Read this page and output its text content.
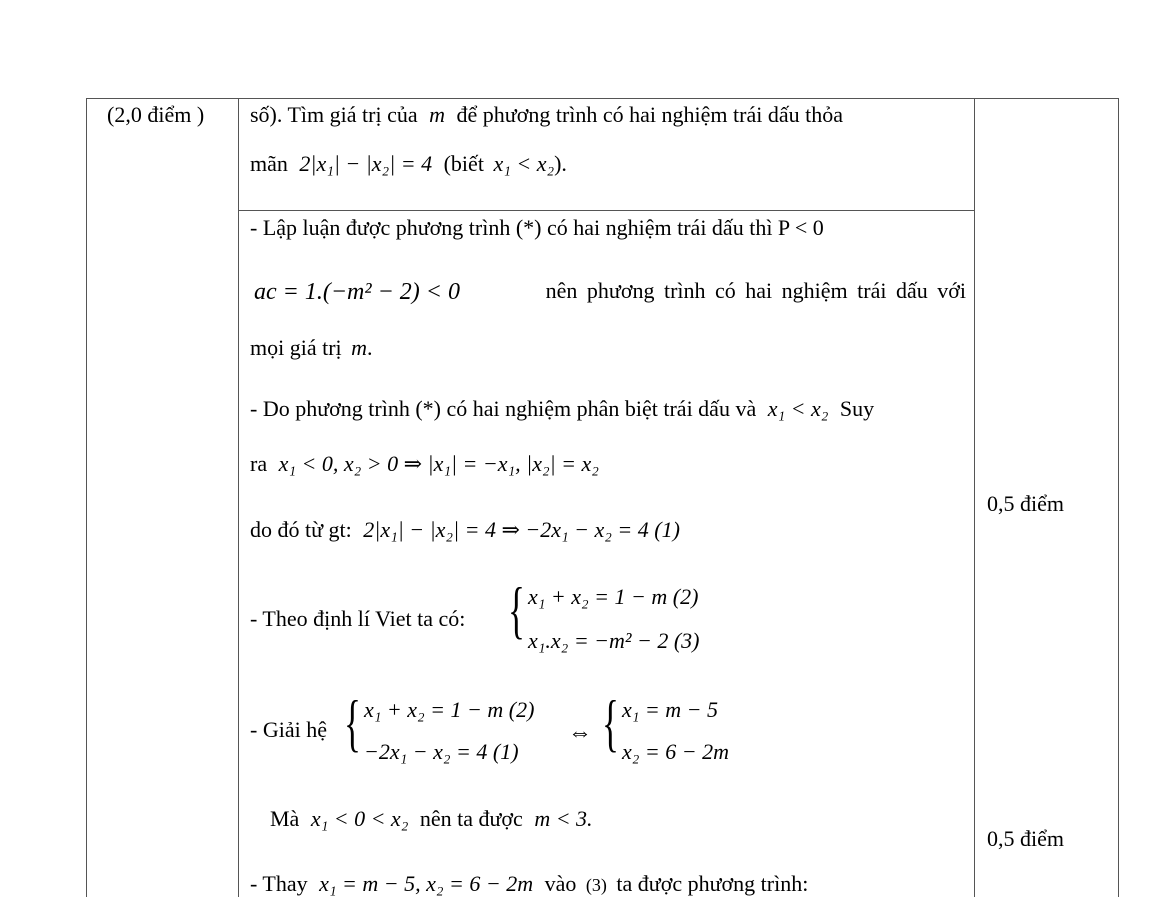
(2,0 điểm )
0,5 điểm
0,5 điểm
số). Tìm giá trị của m để phương trình có hai nghiệm trái dấu thỏa
mãn 2|x₁| − |x₂| = 4 (biết x₁ < x₂).
- Lập luận được phương trình (*) có hai nghiệm trái dấu thì P < 0
ac = 1.(−m² − 2) < 0	nên phương trình có hai nghiệm trái dấu với
mọi giá trị m.
- Do phương trình (*) có hai nghiệm phân biệt trái dấu và x₁ < x₂ Suy
ra x₁ < 0, x₂ > 0 ⇒ |x₁| = −x₁, |x₂| = x₂
do đó từ gt: 2|x₁| − |x₂| = 4 ⇒ −2x₁ − x₂ = 4 (1)
- Theo định lí Viet ta có: { x₁ + x₂ = 1 − m (2)
x₁.x₂ = −m² − 2 (3)
- Giải hệ { x₁ + x₂ = 1 − m (2)
−2x₁ − x₂ = 4 (1)
⇔ { x₁ = m − 5
x₂ = 6 − 2m
Mà x₁ < 0 < x₂ nên ta được m < 3.
- Thay x₁ = m − 5, x₂ = 6 − 2m vào (3) ta được phương trình:
